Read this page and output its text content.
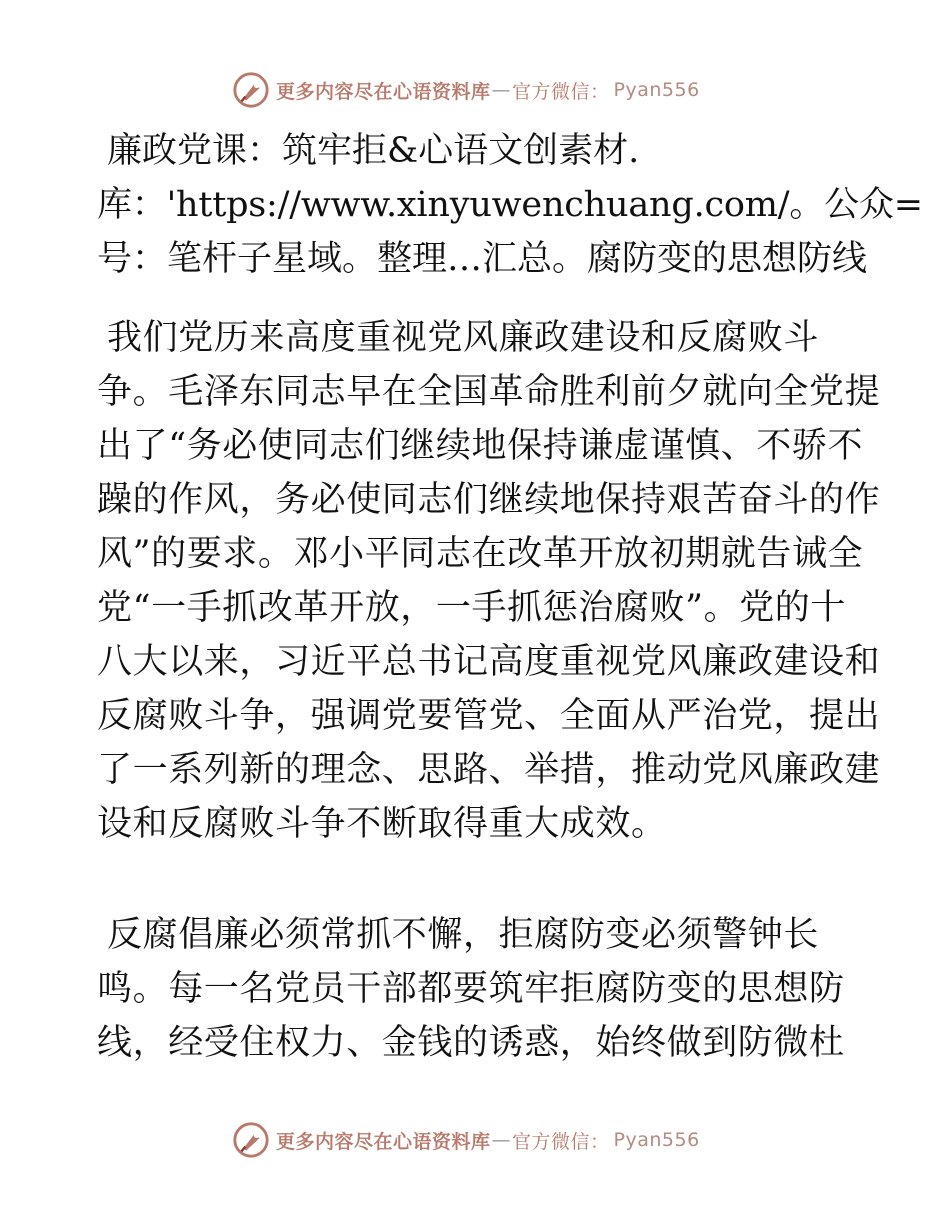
更多内容尽在心语资料库 — 官方微信： Pyan556
廉政党课：筑牢拒&心语文创素材.
库：'https://www.xinyuwenchuang.com/。公众=
号：笔杆子星域。整理…汇总。腐防变的思想防线
我们党历来高度重视党风廉政建设和反腐败斗
争。毛泽东同志早在全国革命胜利前夕就向全党提
出了“务必使同志们继续地保持谦虚谨慎、不骄不
躁的作风，务必使同志们继续地保持艰苦奋斗的作
风”的要求。邓小平同志在改革开放初期就告诫全
党“一手抓改革开放，一手抓惩治腐败”。党的十
八大以来，习近平总书记高度重视党风廉政建设和
反腐败斗争，强调党要管党、全面从严治党，提出
了一系列新的理念、思路、举措，推动党风廉政建
设和反腐败斗争不断取得重大成效。
反腐倡廉必须常抓不懈，拒腐防变必须警钟长
鸣。每一名党员干部都要筑牢拒腐防变的思想防
线，经受住权力、金钱的诱惑，始终做到防微杜
更多内容尽在心语资料库 — 官方微信： Pyan556
